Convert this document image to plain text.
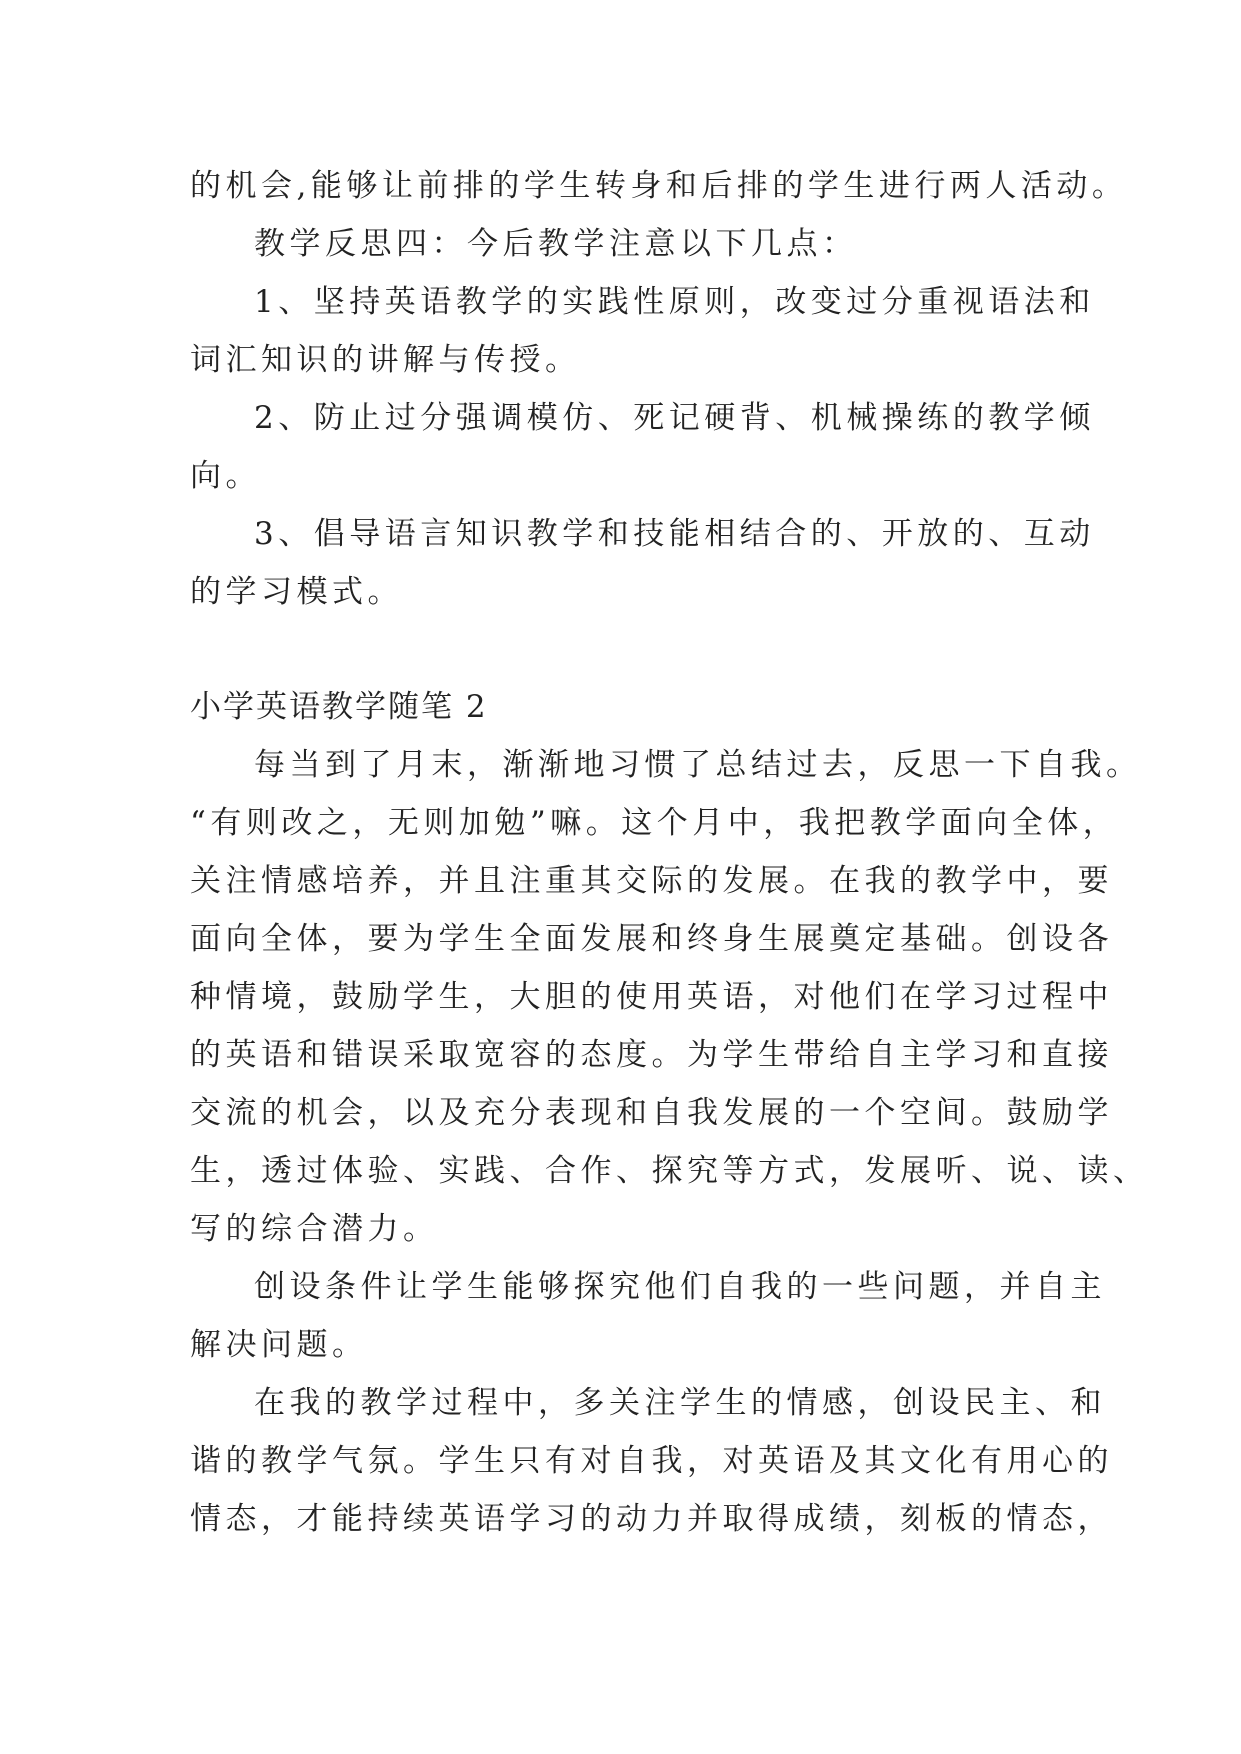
的机会,能够让前排的学生转身和后排的学生进行两人活动。
教学反思四：今后教学注意以下几点：
1、坚持英语教学的实践性原则，改变过分重视语法和
词汇知识的讲解与传授。
2、防止过分强调模仿、死记硬背、机械操练的教学倾
向。
3、倡导语言知识教学和技能相结合的、开放的、互动
的学习模式。
小学英语教学随笔 2
每当到了月末，渐渐地习惯了总结过去，反思一下自我。
“有则改之，无则加勉”嘛。这个月中，我把教学面向全体，
关注情感培养，并且注重其交际的发展。在我的教学中，要
面向全体，要为学生全面发展和终身生展奠定基础。创设各
种情境，鼓励学生，大胆的使用英语，对他们在学习过程中
的英语和错误采取宽容的态度。为学生带给自主学习和直接
交流的机会，以及充分表现和自我发展的一个空间。鼓励学
生，透过体验、实践、合作、探究等方式，发展听、说、读、
写的综合潜力。
创设条件让学生能够探究他们自我的一些问题，并自主
解决问题。
在我的教学过程中，多关注学生的情感，创设民主、和
谐的教学气氛。学生只有对自我，对英语及其文化有用心的
情态，才能持续英语学习的动力并取得成绩，刻板的情态，
